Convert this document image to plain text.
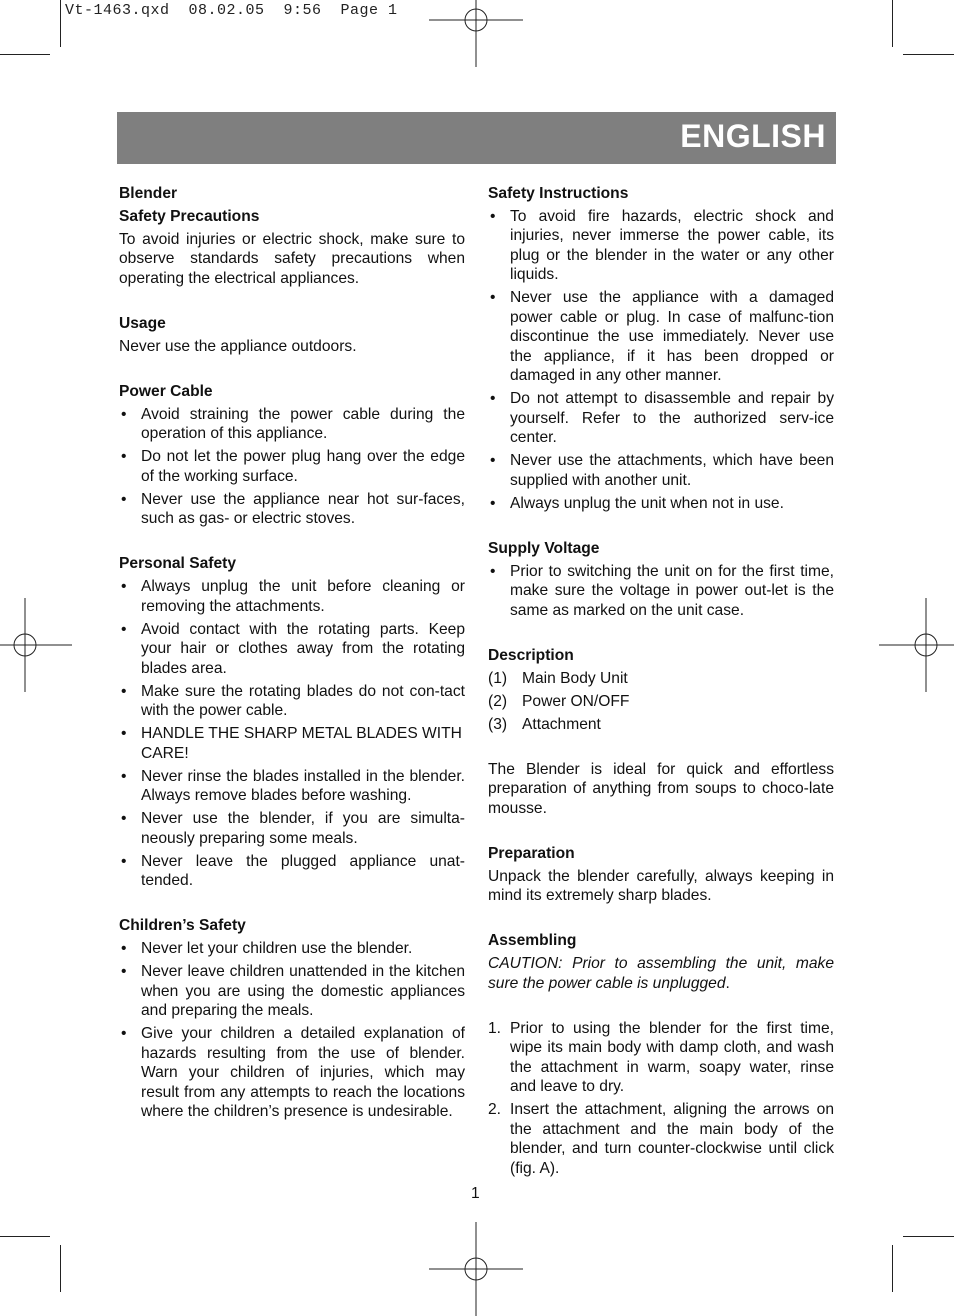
Vt-1463.qxd  08.02.05  9:56  Page 1
ENGLISH
Blender
Safety Precautions
To avoid injuries or electric shock, make sure to observe standards safety precautions when operating the electrical appliances.
Usage
Never use the appliance outdoors.
Power Cable
• Avoid straining the power cable during the operation of this appliance.
• Do not let the power plug hang over the edge of the working surface.
• Never use the appliance near hot sur-faces, such as gas- or electric stoves.
Personal Safety
• Always unplug the unit before cleaning or removing the attachments.
• Avoid contact with the rotating parts. Keep your hair or clothes away from the rotating blades area.
• Make sure the rotating blades do not con-tact with the power cable.
• HANDLE THE SHARP METAL BLADES WITH CARE!
• Never rinse the blades installed in the blender. Always remove blades before washing.
• Never use the blender, if you are simulta-neously preparing some meals.
• Never leave the plugged appliance unat-tended.
Children’s Safety
• Never let your children use the blender.
• Never leave children unattended in the kitchen when you are using the domestic appliances and preparing the meals.
• Give your children a detailed explanation of hazards resulting from the use of blender. Warn your children of injuries, which may result from any attempts to reach the locations where the children’s presence is undesirable.
Safety Instructions
• To avoid fire hazards, electric shock and injuries, never immerse the power cable, its plug or the blender in the water or any other liquids.
• Never use the appliance with a damaged power cable or plug. In case of malfunc-tion discontinue the use immediately. Never use the appliance, if it has been dropped or damaged in any other manner.
• Do not attempt to disassemble and repair by yourself. Refer to the authorized serv-ice center.
• Never use the attachments, which have been supplied with another unit.
• Always unplug the unit when not in use.
Supply Voltage
• Prior to switching the unit on for the first time, make sure the voltage in power out-let is the same as marked on the unit case.
Description
(1) Main Body Unit
(2) Power ON/OFF
(3) Attachment
The Blender is ideal for quick and effortless preparation of anything from soups to choco-late mousse.
Preparation
Unpack the blender carefully, always keeping in mind its extremely sharp blades.
Assembling
CAUTION: Prior to assembling the unit, make sure the power cable is unplugged.
1. Prior to using the blender for the first time, wipe its main body with damp cloth, and wash the attachment in warm, soapy water, rinse and leave to dry.
2. Insert the attachment, aligning the arrows on the attachment and the main body of the blender, and turn counter-clockwise until click (fig. A).
1
